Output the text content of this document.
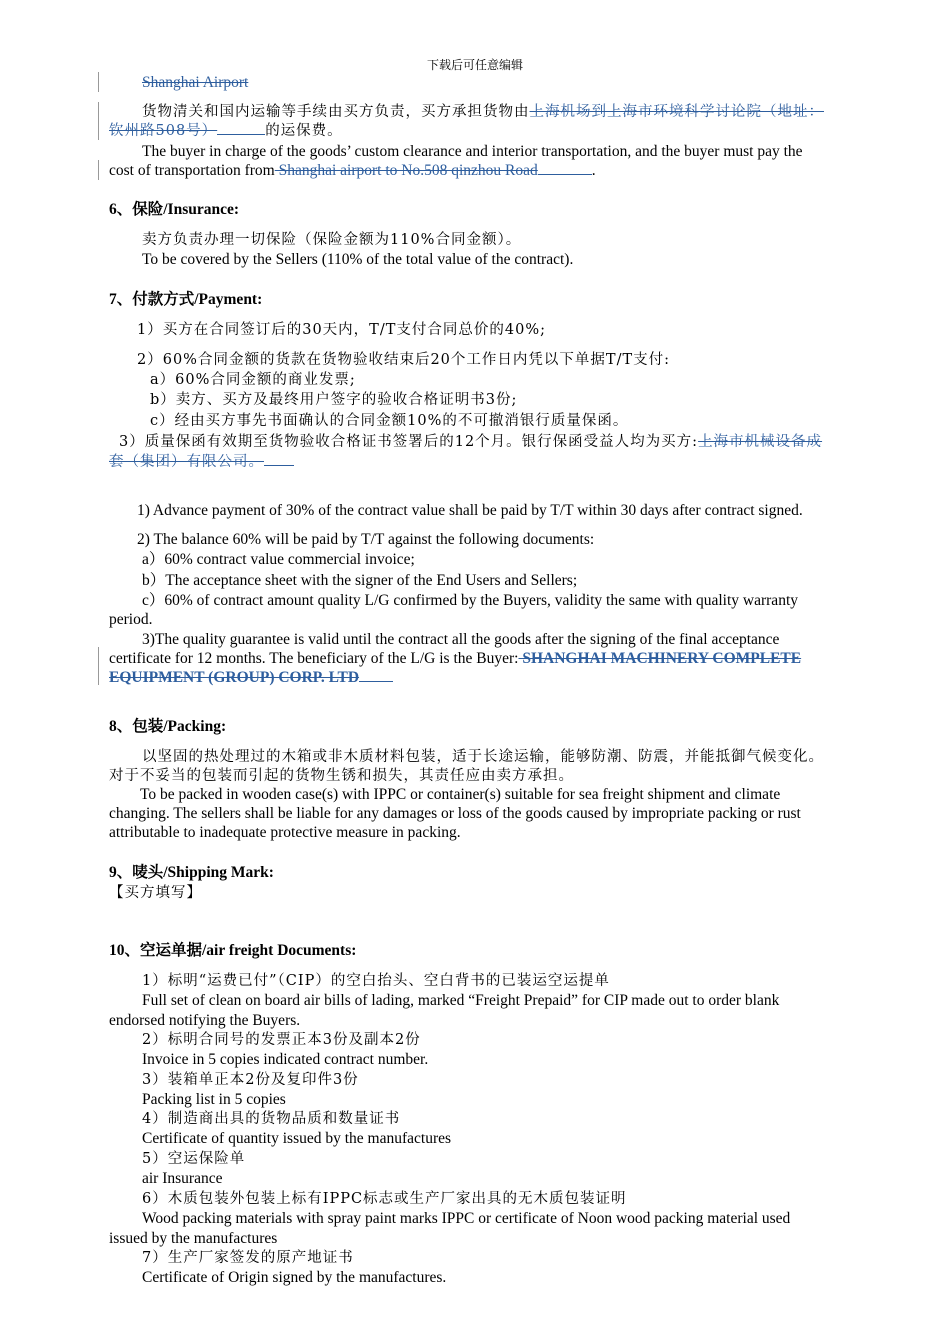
下载后可任意编辑
Shanghai Airport
货物清关和国内运输等手续由买方负责，买方承担货物由上海机场到上海市环境科学讨论院（地址：
钦州路508号）	的运保费。
The buyer in charge of the goods’ custom clearance and interior transportation, and the buyer must pay the
cost of transportation from Shanghai airport to No.508 qinzhou Road	.
6、保险/Insurance:
卖方负责办理一切保险（保险金额为110%合同金额）。
To be covered by the Sellers (110% of the total value of the contract).
7、付款方式/Payment:
1）买方在合同签订后的30天内，T/T支付合同总价的40%;
2）60%合同金额的货款在货物验收结束后20个工作日内凭以下单据T/T支付:
a）60%合同金额的商业发票;
b）卖方、买方及最终用户签字的验收合格证明书3份;
c）经由买方事先书面确认的合同金额10%的不可撤消银行质量保函。
3）质量保函有效期至货物验收合格证书签署后的12个月。银行保函受益人均为买方:上海市机械设备成
套（集团）有限公司。
1) Advance payment of 30% of the contract value shall be paid by T/T within 30 days after contract signed.
2) The balance 60% will be paid by T/T against the following documents:
a）60% contract value commercial invoice;
b）The acceptance sheet with the signer of the End Users and Sellers;
c）60% of contract amount quality L/G confirmed by the Buyers, validity the same with quality warranty
period.
3)The quality guarantee is valid until the contract all the goods after the signing of the final acceptance
certificate for 12 months. The beneficiary of the L/G is the Buyer: SHANGHAI MACHINERY COMPLETE
EQUIPMENT (GROUP) CORP. LTD
8、包装/Packing:
以坚固的热处理过的木箱或非木质材料包装，适于长途运输，能够防潮、防震，并能抵御气候变化。
对于不妥当的包装而引起的货物生锈和损失，其责任应由卖方承担。
To be packed in wooden case(s) with IPPC or container(s) suitable for sea freight shipment and climate
changing. The sellers shall be liable for any damages or loss of the goods caused by impropriate packing or rust
attributable to inadequate protective measure in packing.
9、唛头/Shipping Mark:
【买方填写】
10、空运单据/air freight Documents:
1）标明“运费已付”（CIP）的空白抬头、空白背书的已装运空运提单
Full set of clean on board air bills of lading, marked “Freight Prepaid” for CIP made out to order blank
endorsed notifying the Buyers.
2）标明合同号的发票正本3份及副本2份
Invoice in 5 copies indicated contract number.
3）装箱单正本2份及复印件3份
Packing list in 5 copies
4）制造商出具的货物品质和数量证书
Certificate of quantity issued by the manufactures
5）空运保险单
air Insurance
6）木质包装外包装上标有IPPC标志或生产厂家出具的无木质包装证明
Wood packing materials with spray paint marks IPPC or certificate of Noon wood packing material used
issued by the manufactures
7）生产厂家签发的原产地证书
Certificate of Origin signed by the manufactures.
